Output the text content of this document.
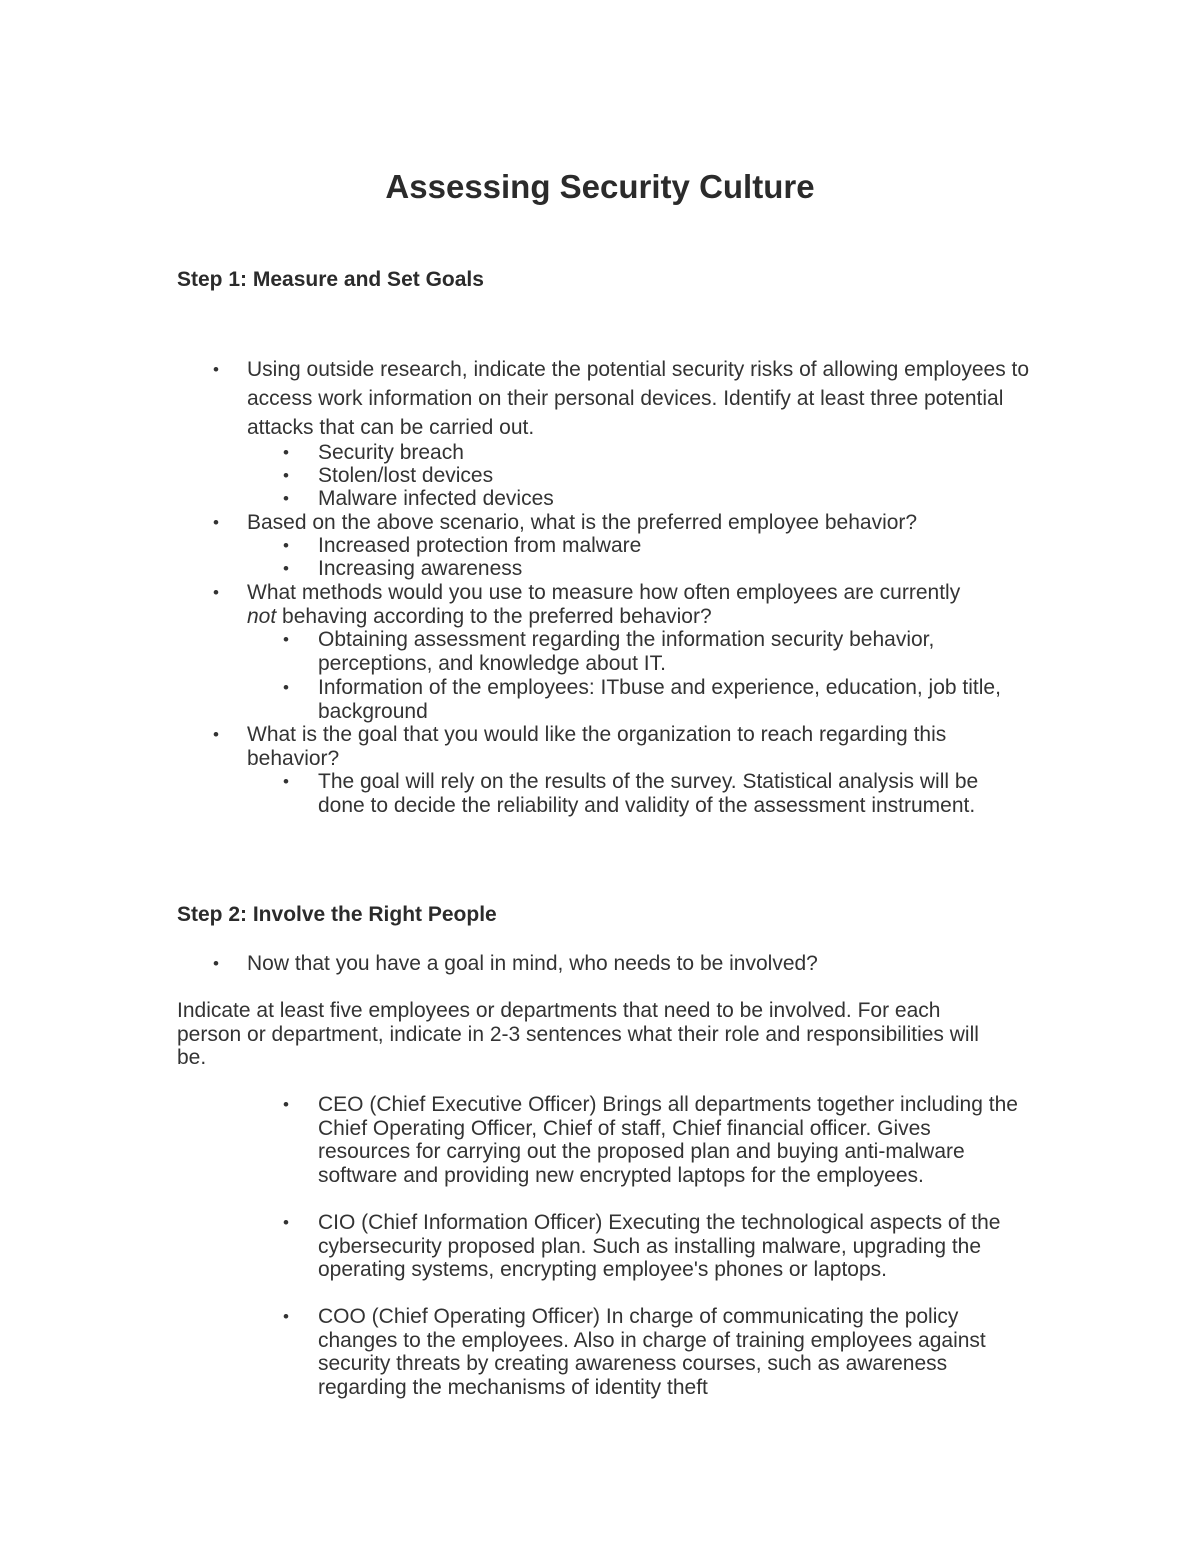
Assessing Security Culture
Step 1: Measure and Set Goals
• Using outside research, indicate the potential security risks of allowing employees to access work information on their personal devices. Identify at least three potential attacks that can be carried out.
• Security breach
• Stolen/lost devices
• Malware infected devices
• Based on the above scenario, what is the preferred employee behavior?
• Increased protection from malware
• Increasing awareness
• What methods would you use to measure how often employees are currently not behaving according to the preferred behavior?
• Obtaining assessment regarding the information security behavior, perceptions, and knowledge about IT.
• Information of the employees: ITbuse and experience, education, job title, background
• What is the goal that you would like the organization to reach regarding this behavior?
• The goal will rely on the results of the survey. Statistical analysis will be done to decide the reliability and validity of the assessment instrument.
Step 2: Involve the Right People
• Now that you have a goal in mind, who needs to be involved?

Indicate at least five employees or departments that need to be involved. For each person or department, indicate in 2-3 sentences what their role and responsibilities will be.

• CEO (Chief Executive Officer) Brings all departments together including the Chief Operating Officer, Chief of staff, Chief financial officer. Gives resources for carrying out the proposed plan and buying anti-malware software and providing new encrypted laptops for the employees.
• CIO (Chief Information Officer) Executing the technological aspects of the cybersecurity proposed plan. Such as installing malware, upgrading the operating systems, encrypting employee's phones or laptops.
• COO (Chief Operating Officer) In charge of communicating the policy changes to the employees. Also in charge of training employees against security threats by creating awareness courses, such as awareness regarding the mechanisms of identity theft
